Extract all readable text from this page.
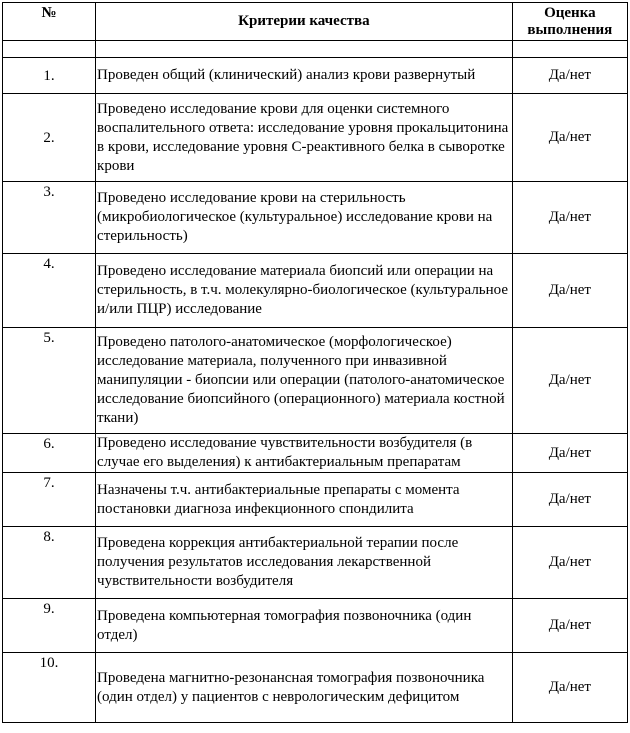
№	Критерии качества	Оценка выполнения

1.	Проведен общий (клинический) анализ крови развернутый	Да/нет
2.	Проведено исследование крови для оценки системного воспалительного ответа: исследование уровня прокальцитонина в крови, исследование уровня С-реактивного белка в сыворотке крови	Да/нет
3.	Проведено исследование крови на стерильность (микробиологическое (культуральное) исследование крови на стерильность)	Да/нет
4.	Проведено исследование материала биопсий или операции на стерильность, в т.ч. молекулярно-биологическое (культуральное и/или ПЦР) исследование	Да/нет
5.	Проведено патолого-анатомическое (морфологическое) исследование материала, полученного при инвазивной манипуляции - биопсии или операции (патолого-анатомическое исследование биопсийного (операционного) материала костной ткани)	Да/нет
6.	Проведено исследование чувствительности возбудителя (в случае его выделения) к антибактериальным препаратам	Да/нет
7.	Назначены т.ч. антибактериальные препараты с момента постановки диагноза инфекционного спондилита	Да/нет
8.	Проведена коррекция антибактериальной терапии после получения результатов исследования лекарственной чувствительности возбудителя	Да/нет
9.	Проведена компьютерная томография позвоночника (один отдел)	Да/нет
10.	Проведена магнитно-резонансная томография позвоночника (один отдел) у пациентов с неврологическим дефицитом	Да/нет
